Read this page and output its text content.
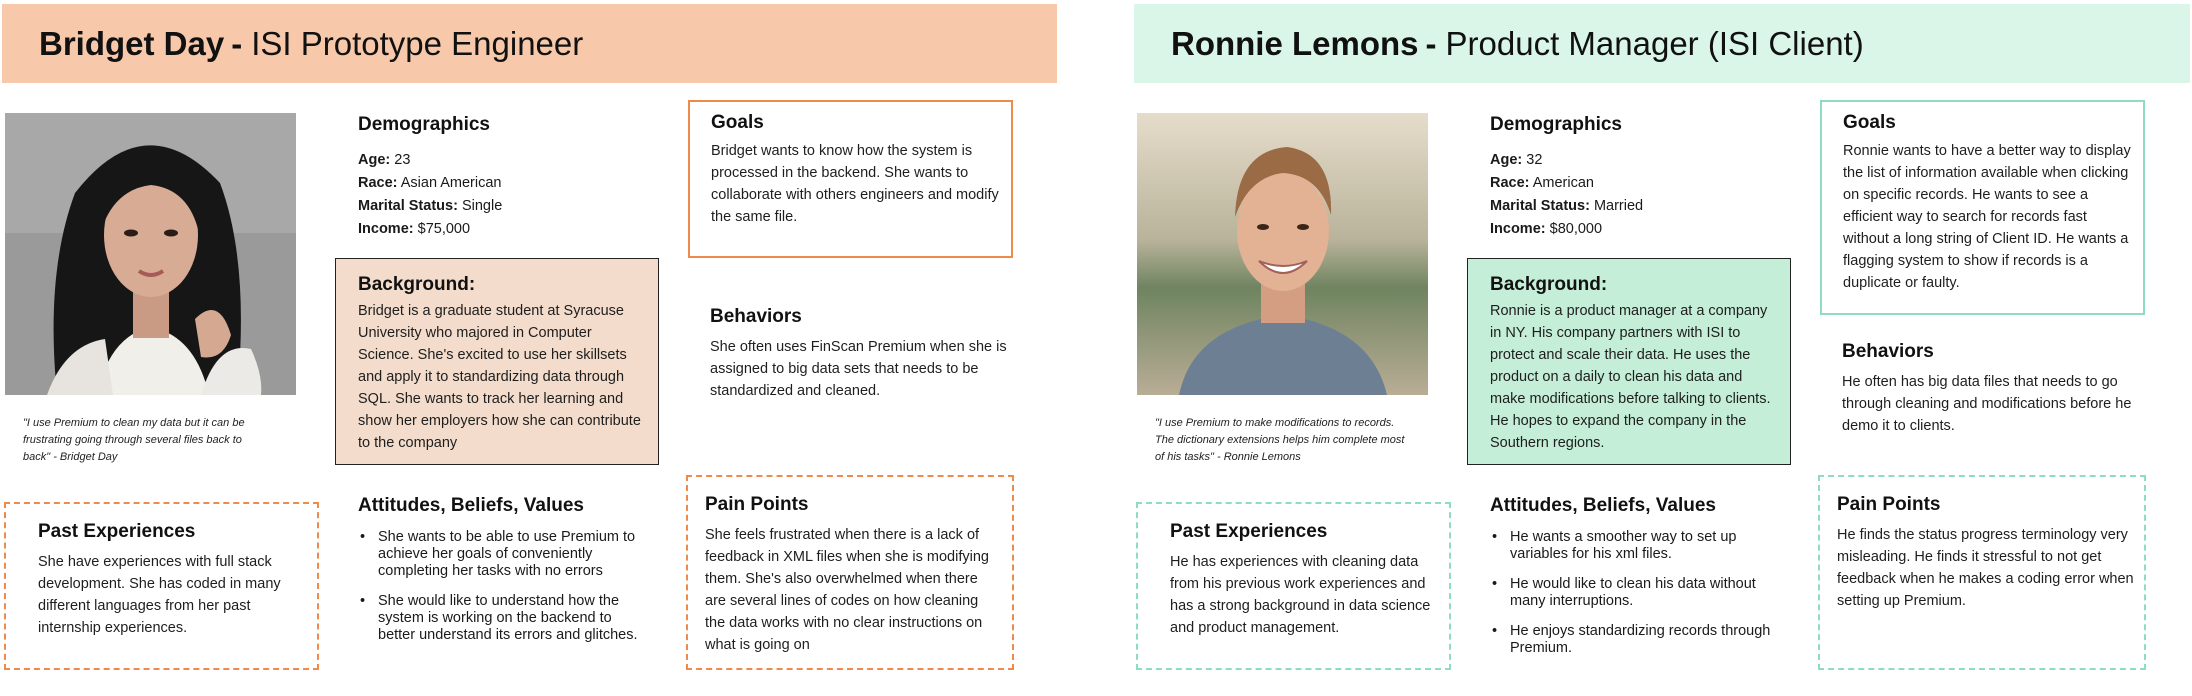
Bridget Day - ISI Prototype Engineer
"I use Premium to clean my data but it can be frustrating going through several files back to back" - Bridget Day
Demographics
Age: 23
Race: Asian American
Marital Status: Single
Income: $75,000
Background:
Bridget is a graduate student at Syracuse University who majored in Computer Science. She's excited to use her skillsets and apply it to standardizing data through SQL. She wants to track her learning and show her employers how she can contribute to the company
Goals
Bridget wants to know how the system is processed in the backend. She wants to collaborate with others engineers and modify the same file.
Behaviors
She often uses FinScan Premium when she is assigned to big data sets that needs to be standardized and cleaned.
Past Experiences
She have experiences with full stack development. She has coded in many different languages from her past internship experiences.
Attitudes, Beliefs, Values
• She wants to be able to use Premium to achieve her goals of conveniently completing her tasks with no errors
• She would like to understand how the system is working on the backend to better understand its errors and glitches.
Pain Points
She feels frustrated when there is a lack of feedback in XML files when she is modifying them. She's also overwhelmed when there are several lines of codes on how cleaning the data works with no clear instructions on what is going on
Ronnie Lemons - Product Manager (ISI Client)
"I use Premium to make modifications to records. The dictionary extensions helps him complete most of his tasks" - Ronnie Lemons
Demographics
Age: 32
Race: American
Marital Status: Married
Income: $80,000
Background:
Ronnie is a product manager at a company in NY. His company partners with ISI to protect and scale their data. He uses the product on a daily to clean his data and make modifications before talking to clients. He hopes to expand the company in the Southern regions.
Goals
Ronnie wants to have a better way to display the list of information available when clicking on specific records. He wants to see a efficient way to search for records fast without a long string of Client ID. He wants a flagging system to show if records is a duplicate or faulty.
Behaviors
He often has big data files that needs to go through cleaning and modifications before he demo it to clients.
Past Experiences
He has experiences with cleaning data from his previous work experiences and has a strong background in data science and product management.
Attitudes, Beliefs, Values
• He wants a smoother way to set up variables for his xml files.
• He would like to clean his data without many interruptions.
• He enjoys standardizing records through Premium.
Pain Points
He finds the status progress terminology very misleading. He finds it stressful to not get feedback when he makes a coding error when setting up Premium.
